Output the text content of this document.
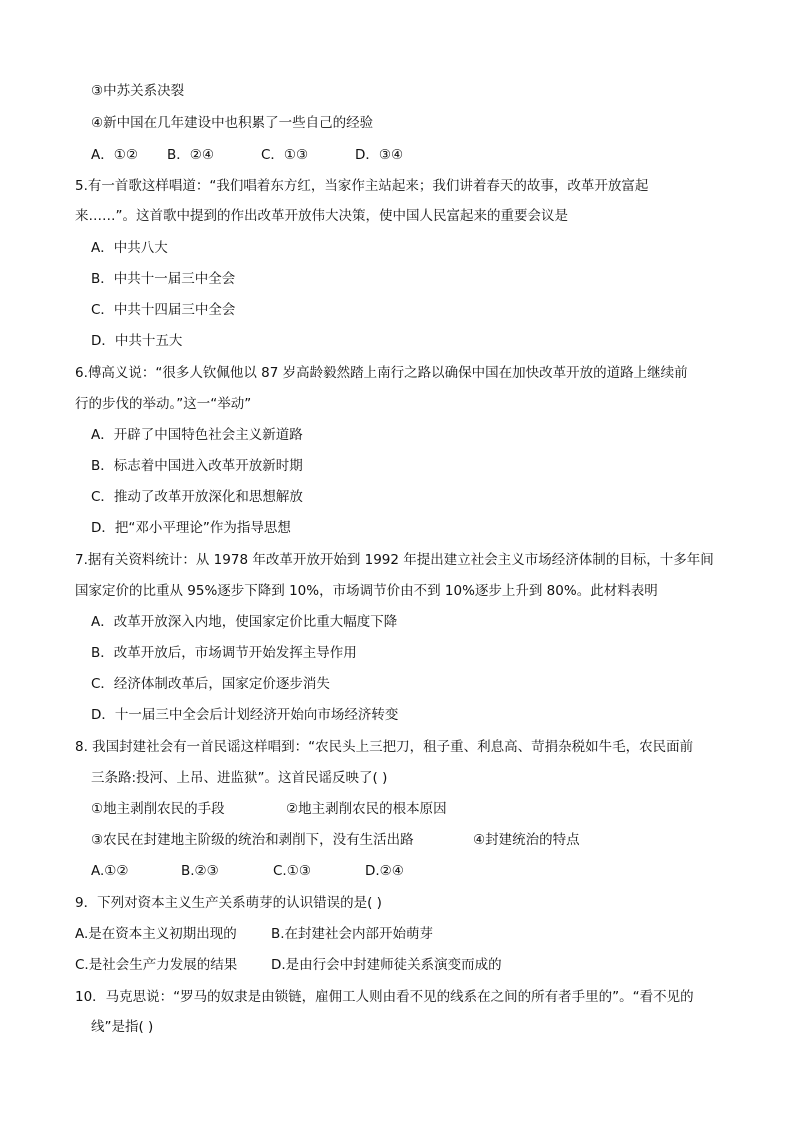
③中苏关系决裂
④新中国在几年建设中也积累了一些自己的经验
A．①② B．②④	C．①③	D．③④
5.有一首歌这样唱道：“我们唱着东方红，当家作主站起来；我们讲着春天的故事，改革开放富起
来……”。这首歌中提到的作出改革开放伟大决策，使中国人民富起来的重要会议是
A．中共八大
B．中共十一届三中全会
C．中共十四届三中全会
D．中共十五大
6.傅高义说：“很多人钦佩他以 87 岁高龄毅然踏上南行之路以确保中国在加快改革开放的道路上继续前
行的步伐的举动。”这一“举动”
A．开辟了中国特色社会主义新道路
B．标志着中国进入改革开放新时期
C．推动了改革开放深化和思想解放
D．把“邓小平理论”作为指导思想
7.据有关资料统计：从 1978 年改革开放开始到 1992 年提出建立社会主义市场经济体制的目标，十多年间
国家定价的比重从 95%逐步下降到 10%，市场调节价由不到 10%逐步上升到 80%。此材料表明
A．改革开放深入内地，使国家定价比重大幅度下降
B．改革开放后，市场调节开始发挥主导作用
C．经济体制改革后，国家定价逐步消失
D．十一届三中全会后计划经济开始向市场经济转变
8. 我国封建社会有一首民谣这样唱到：“农民头上三把刀，租子重、利息高、苛捐杂税如牛毛，农民面前
三条路:投河、上吊、进监狱”。这首民谣反映了( )
①地主剥削农民的手段	②地主剥削农民的根本原因
③农民在封建地主阶级的统治和剥削下，没有生活出路	④封建统治的特点
A.①②	B.②③	C.①③	D.②④
9．下列对资本主义生产关系萌芽的认识错误的是( )
A.是在资本主义初期出现的	B.在封建社会内部开始萌芽
C.是社会生产力发展的结果	D.是由行会中封建师徒关系演变而成的
10．马克思说：“罗马的奴隶是由锁链，雇佣工人则由看不见的线系在之间的所有者手里的”。“看不见的
线”是指( )
